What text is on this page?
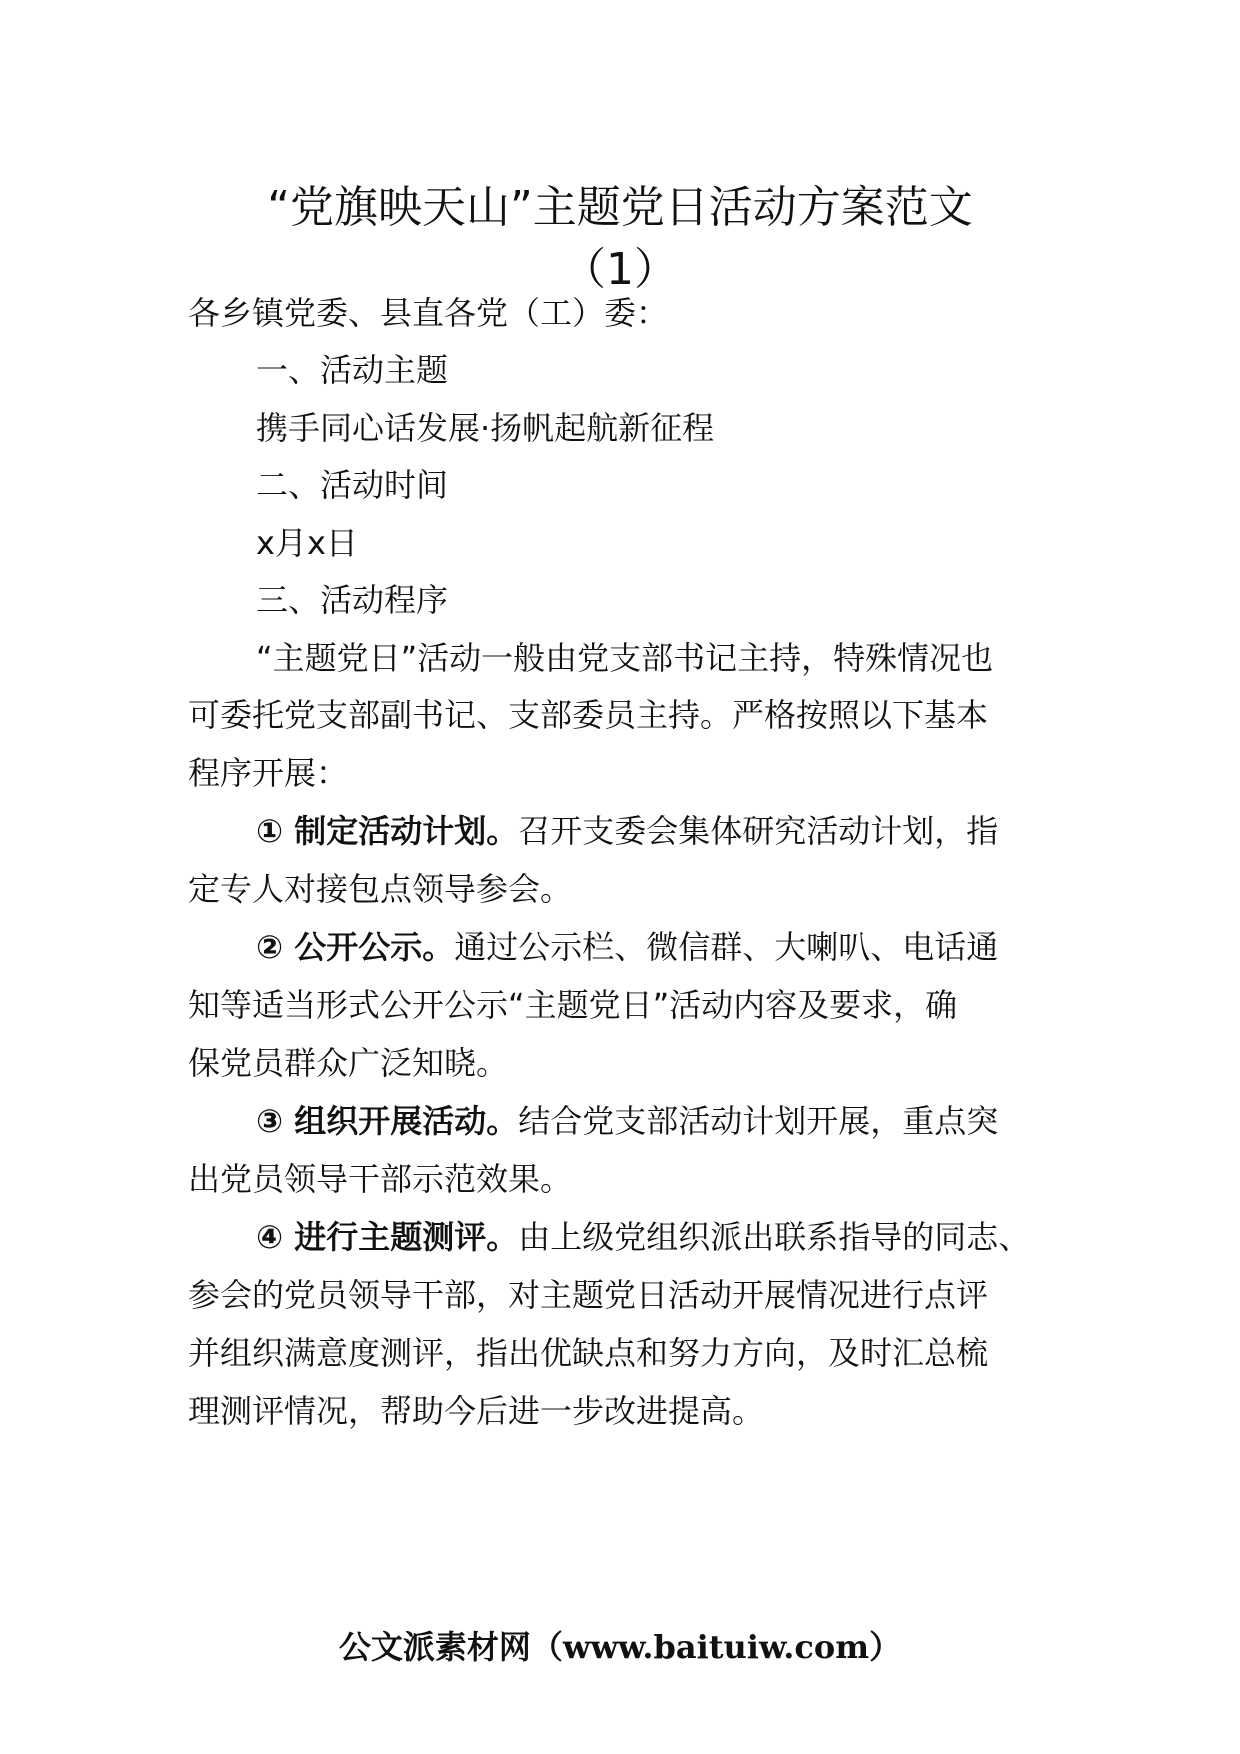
“党旗映天山”主题党日活动方案范文
（1）
各乡镇党委、县直各党（工）委：
一、活动主题
携手同心话发展·扬帆起航新征程
二、活动时间
x月x日
三、活动程序
“主题党日”活动一般由党支部书记主持，特殊情况也
可委托党支部副书记、支部委员主持。严格按照以下基本
程序开展：
① 制定活动计划。召开支委会集体研究活动计划，指
定专人对接包点领导参会。
② 公开公示。通过公示栏、微信群、大喇叭、电话通
知等适当形式公开公示“主题党日”活动内容及要求，确
保党员群众广泛知晓。
③ 组织开展活动。结合党支部活动计划开展，重点突
出党员领导干部示范效果。
④ 进行主题测评。由上级党组织派出联系指导的同志、
参会的党员领导干部，对主题党日活动开展情况进行点评
并组织满意度测评，指出优缺点和努力方向，及时汇总梳
理测评情况，帮助今后进一步改进提高。
公文派素材网（www.baituiw.com）
